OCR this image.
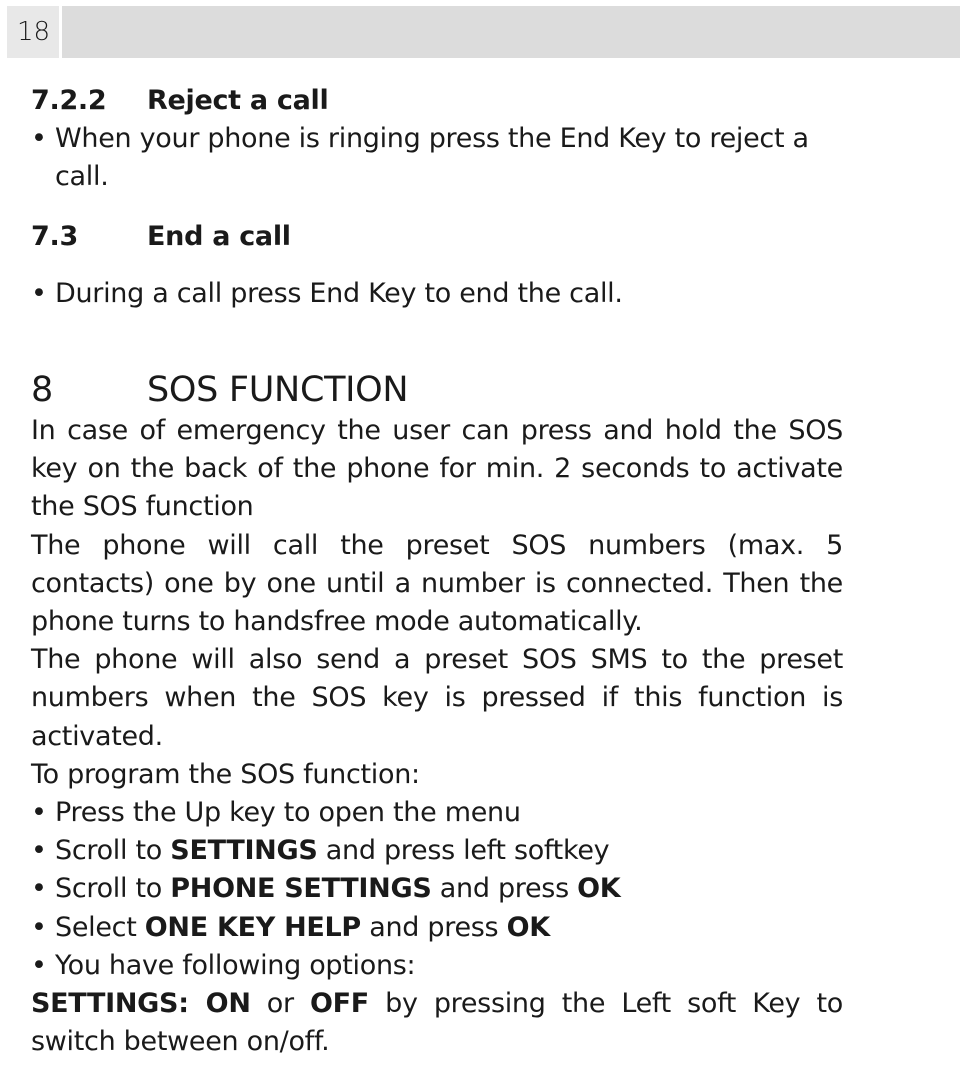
18
7.2.2	Reject a call
• When your phone is ringing press the End Key to reject a call.
7.3	End a call
• During a call press End Key to end the call.
8	SOS FUNCTION

In case of emergency the user can press and hold the SOS key on the back of the phone for min. 2 seconds to activate the SOS function

The phone will call the preset SOS numbers (max. 5 contacts) one by one until a number is connected. Then the phone turns to handsfree mode automatically.

The phone will also send a preset SOS SMS to the preset numbers when the SOS key is pressed if this function is activated.

To program the SOS function:

• Press the Up key to open the menu
• Scroll to SETTINGS and press left softkey
• Scroll to PHONE SETTINGS and press OK
• Select ONE KEY HELP and press OK
• You have following options:

SETTINGS: ON or OFF by pressing the Left soft Key to switch between on/off.
